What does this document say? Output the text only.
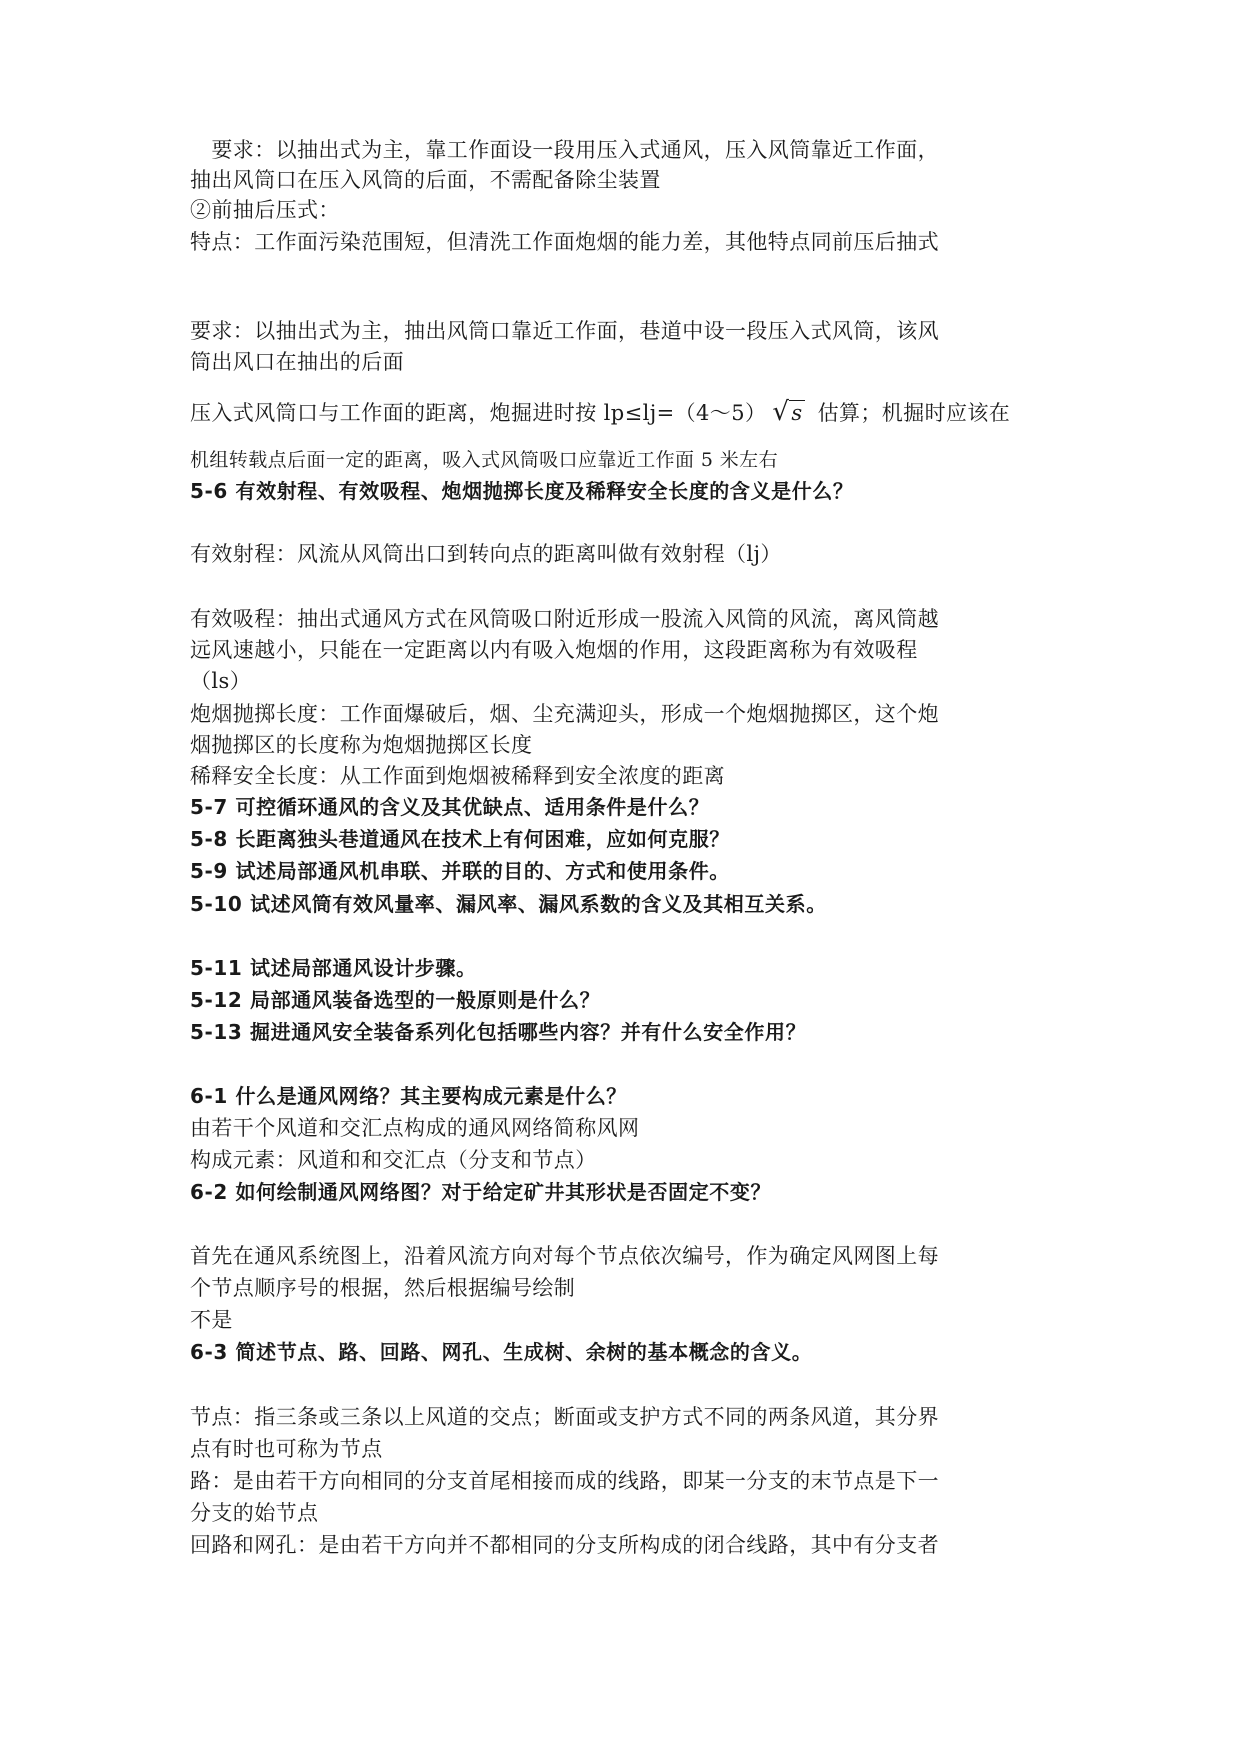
　要求：以抽出式为主，靠工作面设一段用压入式通风，压入风筒靠近工作面，
抽出风筒口在压入风筒的后面，不需配备除尘装置
②前抽后压式：
特点：工作面污染范围短，但清洗工作面炮烟的能力差，其他特点同前压后抽式
要求：以抽出式为主，抽出风筒口靠近工作面，巷道中设一段压入式风筒，该风
筒出风口在抽出的后面
压入式风筒口与工作面的距离，炮掘进时按 lp≤lj=（4～5） √s 估算；机掘时应该在
机组转载点后面一定的距离，吸入式风筒吸口应靠近工作面 5 米左右
5-6 有效射程、有效吸程、炮烟抛掷长度及稀释安全长度的含义是什么？
有效射程：风流从风筒出口到转向点的距离叫做有效射程（lj）
有效吸程：抽出式通风方式在风筒吸口附近形成一股流入风筒的风流，离风筒越
远风速越小，只能在一定距离以内有吸入炮烟的作用，这段距离称为有效吸程
（ls）
炮烟抛掷长度：工作面爆破后，烟、尘充满迎头，形成一个炮烟抛掷区，这个炮
烟抛掷区的长度称为炮烟抛掷区长度
稀释安全长度：从工作面到炮烟被稀释到安全浓度的距离
5-7 可控循环通风的含义及其优缺点、适用条件是什么？
5-8 长距离独头巷道通风在技术上有何困难，应如何克服？
5-9 试述局部通风机串联、并联的目的、方式和使用条件。
5-10 试述风筒有效风量率、漏风率、漏风系数的含义及其相互关系。
5-11 试述局部通风设计步骤。
5-12 局部通风装备选型的一般原则是什么？
5-13 掘进通风安全装备系列化包括哪些内容？并有什么安全作用？
6-1 什么是通风网络？其主要构成元素是什么？
由若干个风道和交汇点构成的通风网络简称风网
构成元素：风道和和交汇点（分支和节点）
6-2 如何绘制通风网络图？对于给定矿井其形状是否固定不变？
首先在通风系统图上，沿着风流方向对每个节点依次编号，作为确定风网图上每
个节点顺序号的根据，然后根据编号绘制
不是
6-3 简述节点、路、回路、网孔、生成树、余树的基本概念的含义。
节点：指三条或三条以上风道的交点；断面或支护方式不同的两条风道，其分界
点有时也可称为节点
路：是由若干方向相同的分支首尾相接而成的线路，即某一分支的末节点是下一
分支的始节点
回路和网孔：是由若干方向并不都相同的分支所构成的闭合线路，其中有分支者
